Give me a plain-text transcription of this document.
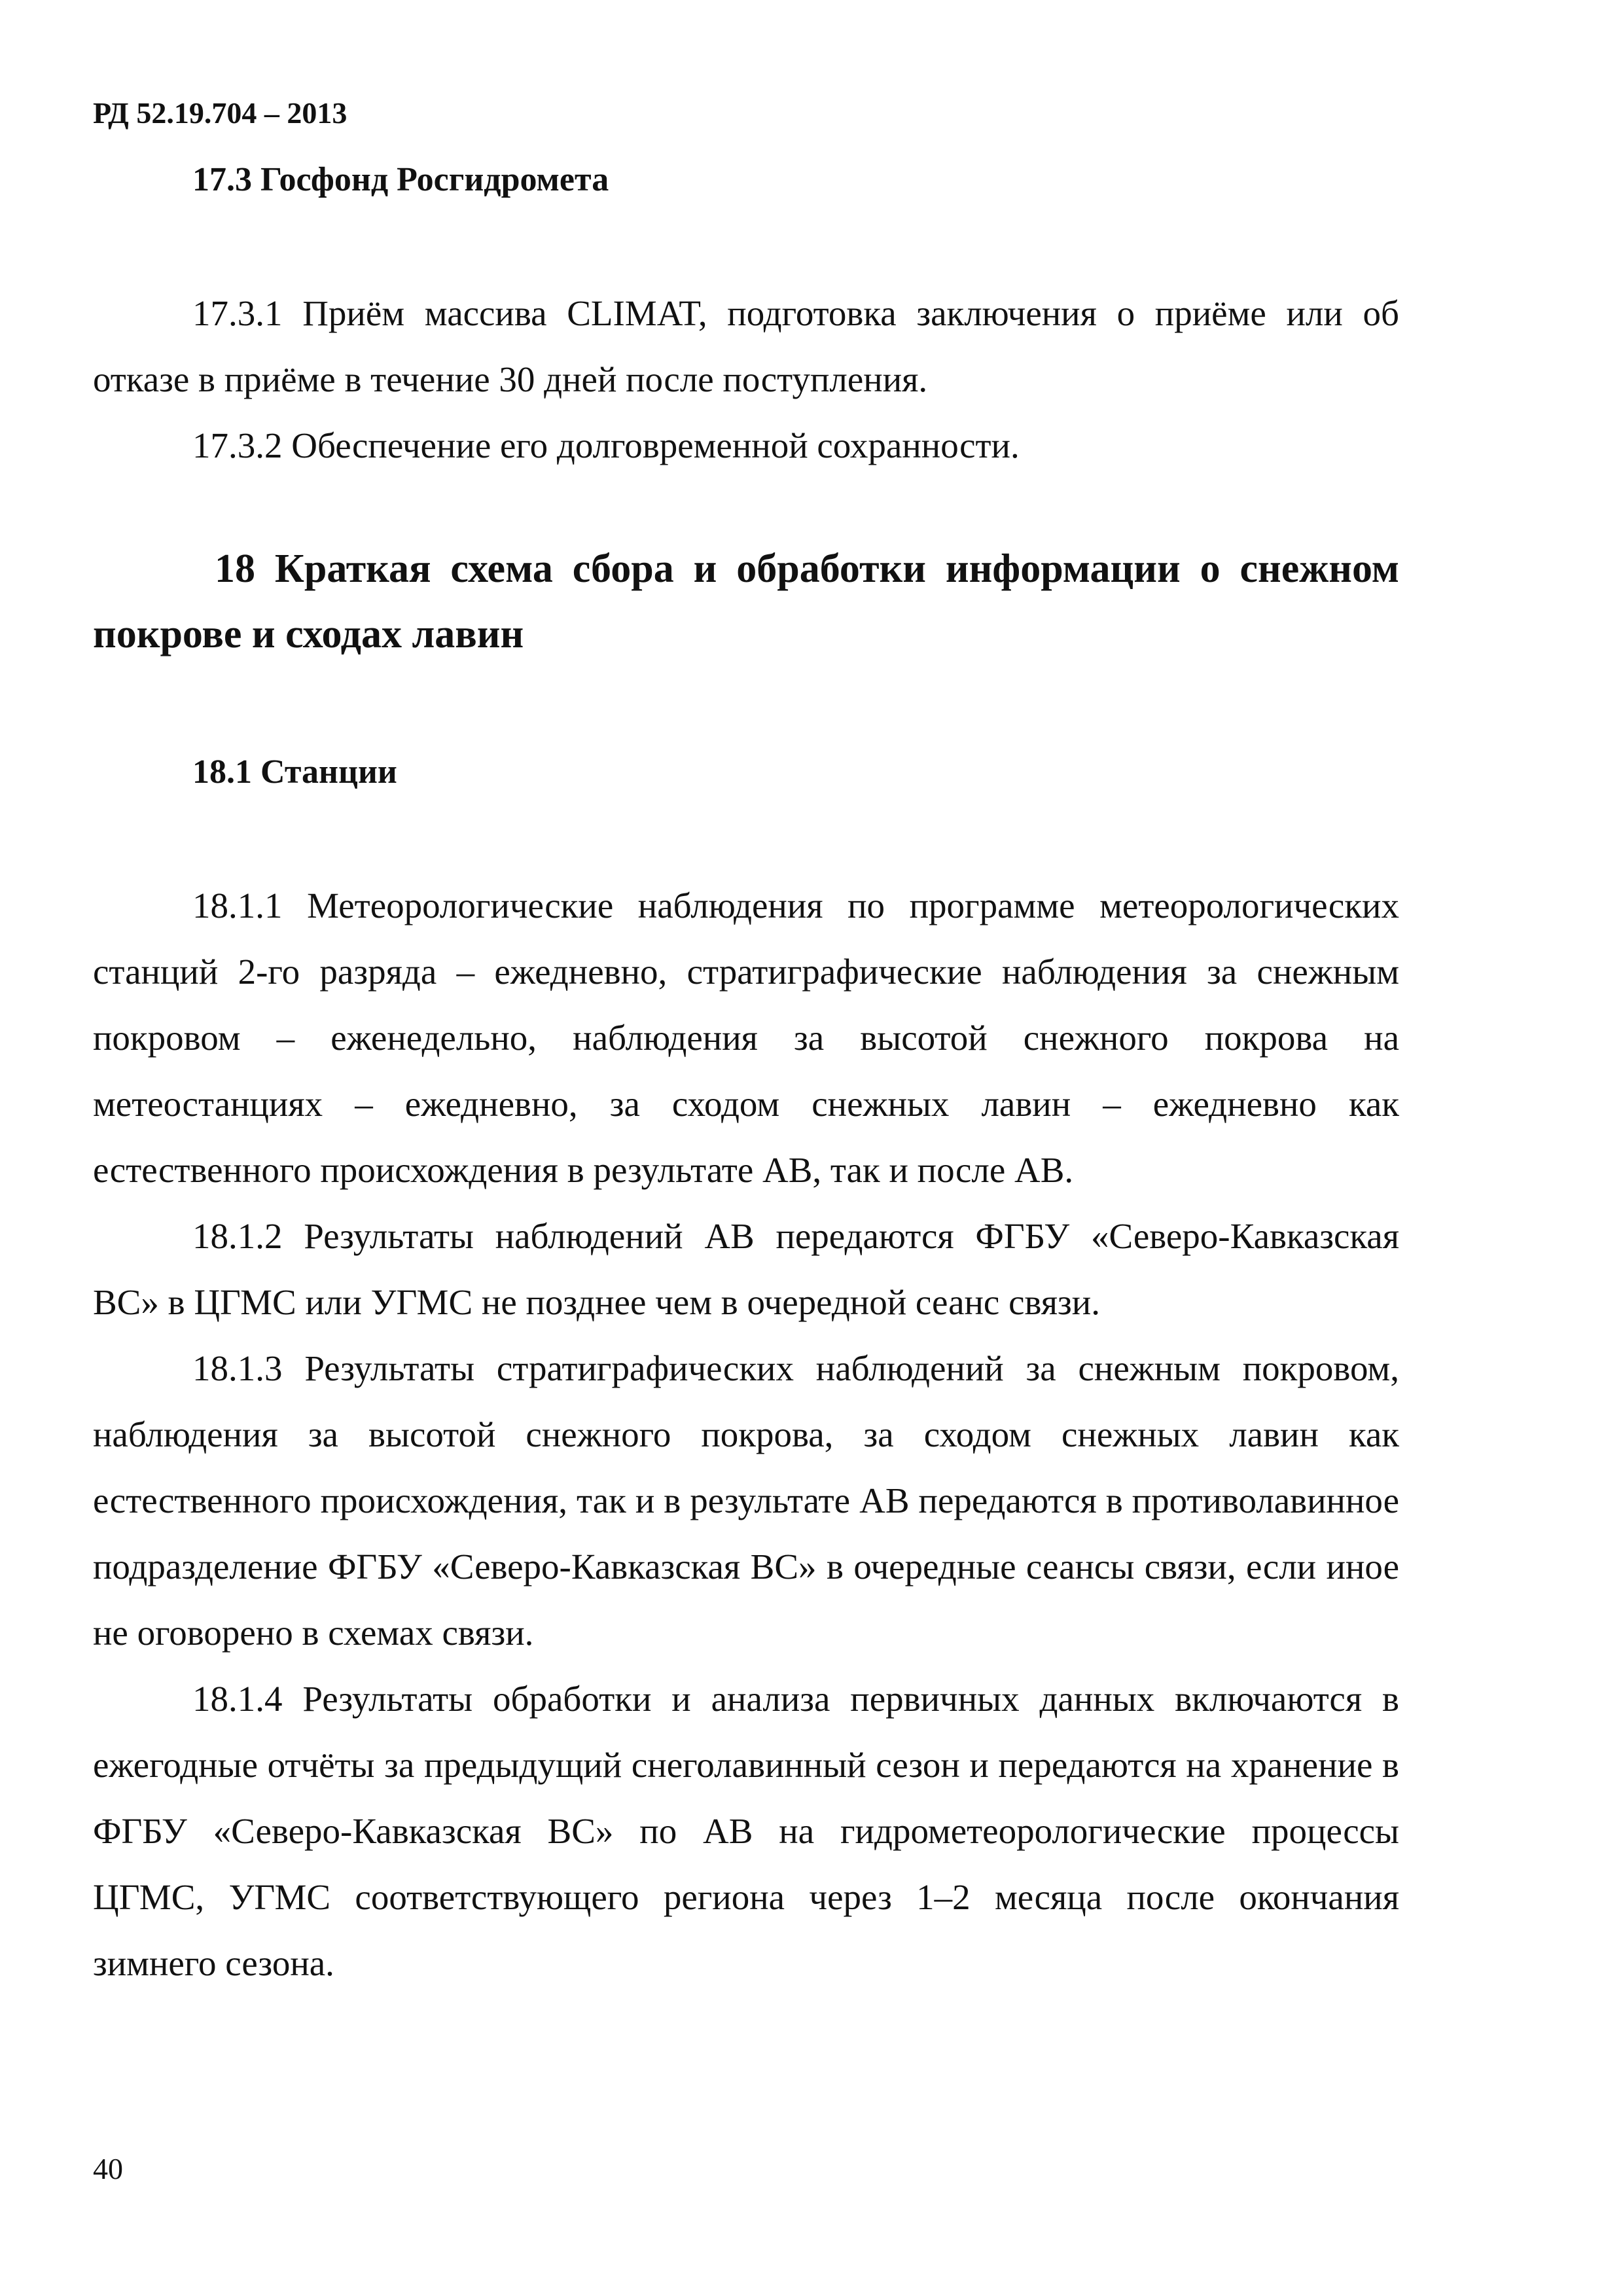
РД 52.19.704 – 2013
17.3 Госфонд Росгидромета

17.3.1 Приём массива CLIMAT, подготовка заключения о приёме или об отказе в приёме в течение 30 дней после поступления.

17.3.2 Обеспечение его долговременной сохранности.

18 Краткая схема сбора и обработки информации о снежном покрове и сходах лавин
18.1 Станции

18.1.1 Метеорологические наблюдения по программе метеорологических станций 2-го разряда – ежедневно, стратиграфические наблюдения за снежным покровом – еженедельно, наблюдения за высотой снежного покрова на метеостанциях – ежедневно, за сходом снежных лавин – ежедневно как естественного происхождения в результате АВ, так и после АВ.

18.1.2 Результаты наблюдений АВ передаются ФГБУ «Северо-Кавказская ВС» в ЦГМС или УГМС не позднее чем в очередной сеанс связи.

18.1.3 Результаты стратиграфических наблюдений за снежным покровом, наблюдения за высотой снежного покрова, за сходом снежных лавин как естественного происхождения, так и в результате АВ передаются в противолавинное подразделение ФГБУ «Северо-Кавказская ВС» в очередные сеансы связи, если иное не оговорено в схемах связи.

18.1.4 Результаты обработки и анализа первичных данных включаются в ежегодные отчёты за предыдущий снеголавинный сезон и передаются на хранение в ФГБУ «Северо-Кавказская ВС» по АВ на гидрометеорологические процессы ЦГМС, УГМС соответствующего региона через 1–2 месяца после окончания зимнего сезона.

40
